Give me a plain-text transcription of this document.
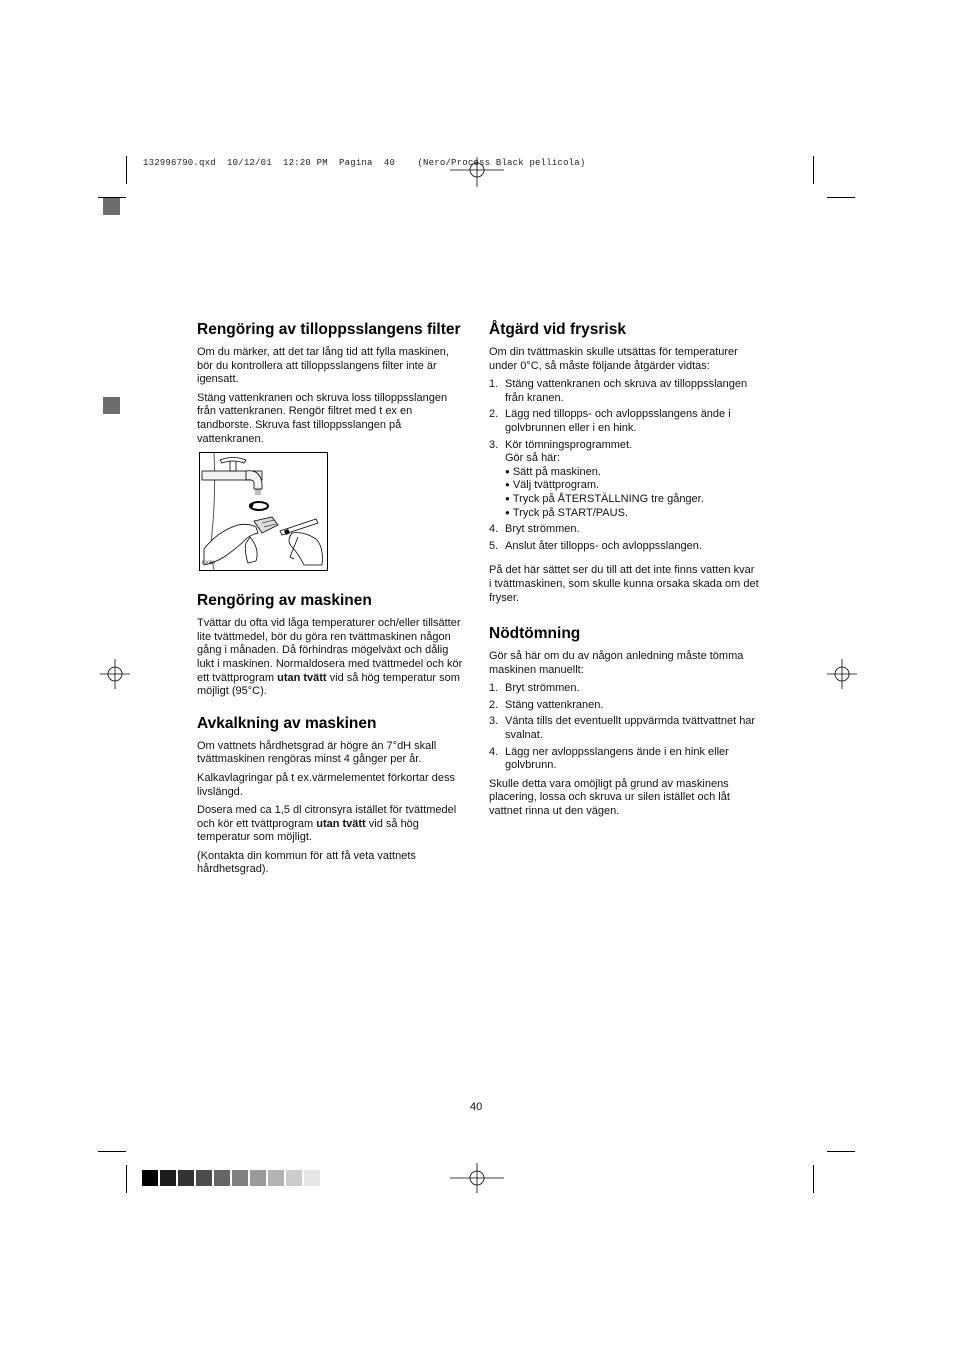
132996790.qxd  10/12/01  12:20 PM  Pagina  40    (Nero/Process Black pellicola)
Rengöring av tilloppsslangens filter

Om du märker, att det tar lång tid att fylla maskinen, bör du kontrollera att tilloppsslangens filter inte är igensatt.

Stäng vattenkranen och skruva loss tilloppsslangen från vattenkranen. Rengör filtret med t ex en tandborste. Skruva fast tilloppsslangen på vattenkranen.

P1080
Rengöring av maskinen

Tvättar du ofta vid låga temperaturer och/eller tillsätter lite tvättmedel, bör du göra ren tvättmaskinen någon gång i månaden. Då förhindras mögelväxt och dålig lukt i maskinen. Normaldosera med tvättmedel och kör ett tvättprogram utan tvätt vid så hög temperatur som möjligt (95°C).

Avkalkning av maskinen

Om vattnets hårdhetsgrad är högre än 7°dH skall tvättmaskinen rengöras minst 4 gånger per år.

Kalkavlagringar på t ex.värmelementet förkortar dess livslängd.

Dosera med ca 1,5 dl citronsyra istället för tvättmedel och kör ett tvättprogram utan tvätt vid så hög temperatur som möjligt.

(Kontakta din kommun för att få veta vattnets hårdhetsgrad).

Åtgärd vid frysrisk

Om din tvättmaskin skulle utsättas för temperaturer under 0°C, så måste följande åtgärder vidtas:

1. Stäng vattenkranen och skruva av tilloppsslangen från kranen.
2. Lägg ned tillopps- och avloppsslangens ände i golvbrunnen eller i en hink.
3. Kör tömningsprogrammet.
Gör så här:
● Sätt på maskinen.
● Välj tvättprogram.
● Tryck på ÅTERSTÄLLNING tre gånger.
● Tryck på START/PAUS.
4. Bryt strömmen.
5. Anslut åter tillopps- och avloppsslangen.

På det här sättet ser du till att det inte finns vatten kvar i tvättmaskinen, som skulle kunna orsaka skada om det fryser.

Nödtömning

Gör så här om du av någon anledning måste tömma maskinen manuellt:

1. Bryt strömmen.
2. Stäng vattenkranen.
3. Vänta tills det eventuellt uppvärmda tvättvattnet har svalnat.
4. Lägg ner avloppsslangens ände i en hink eller golvbrunn.

Skulle detta vara omöjligt på grund av maskinens placering, lossa och skruva ur silen istället och låt vattnet rinna ut den vägen.

40
